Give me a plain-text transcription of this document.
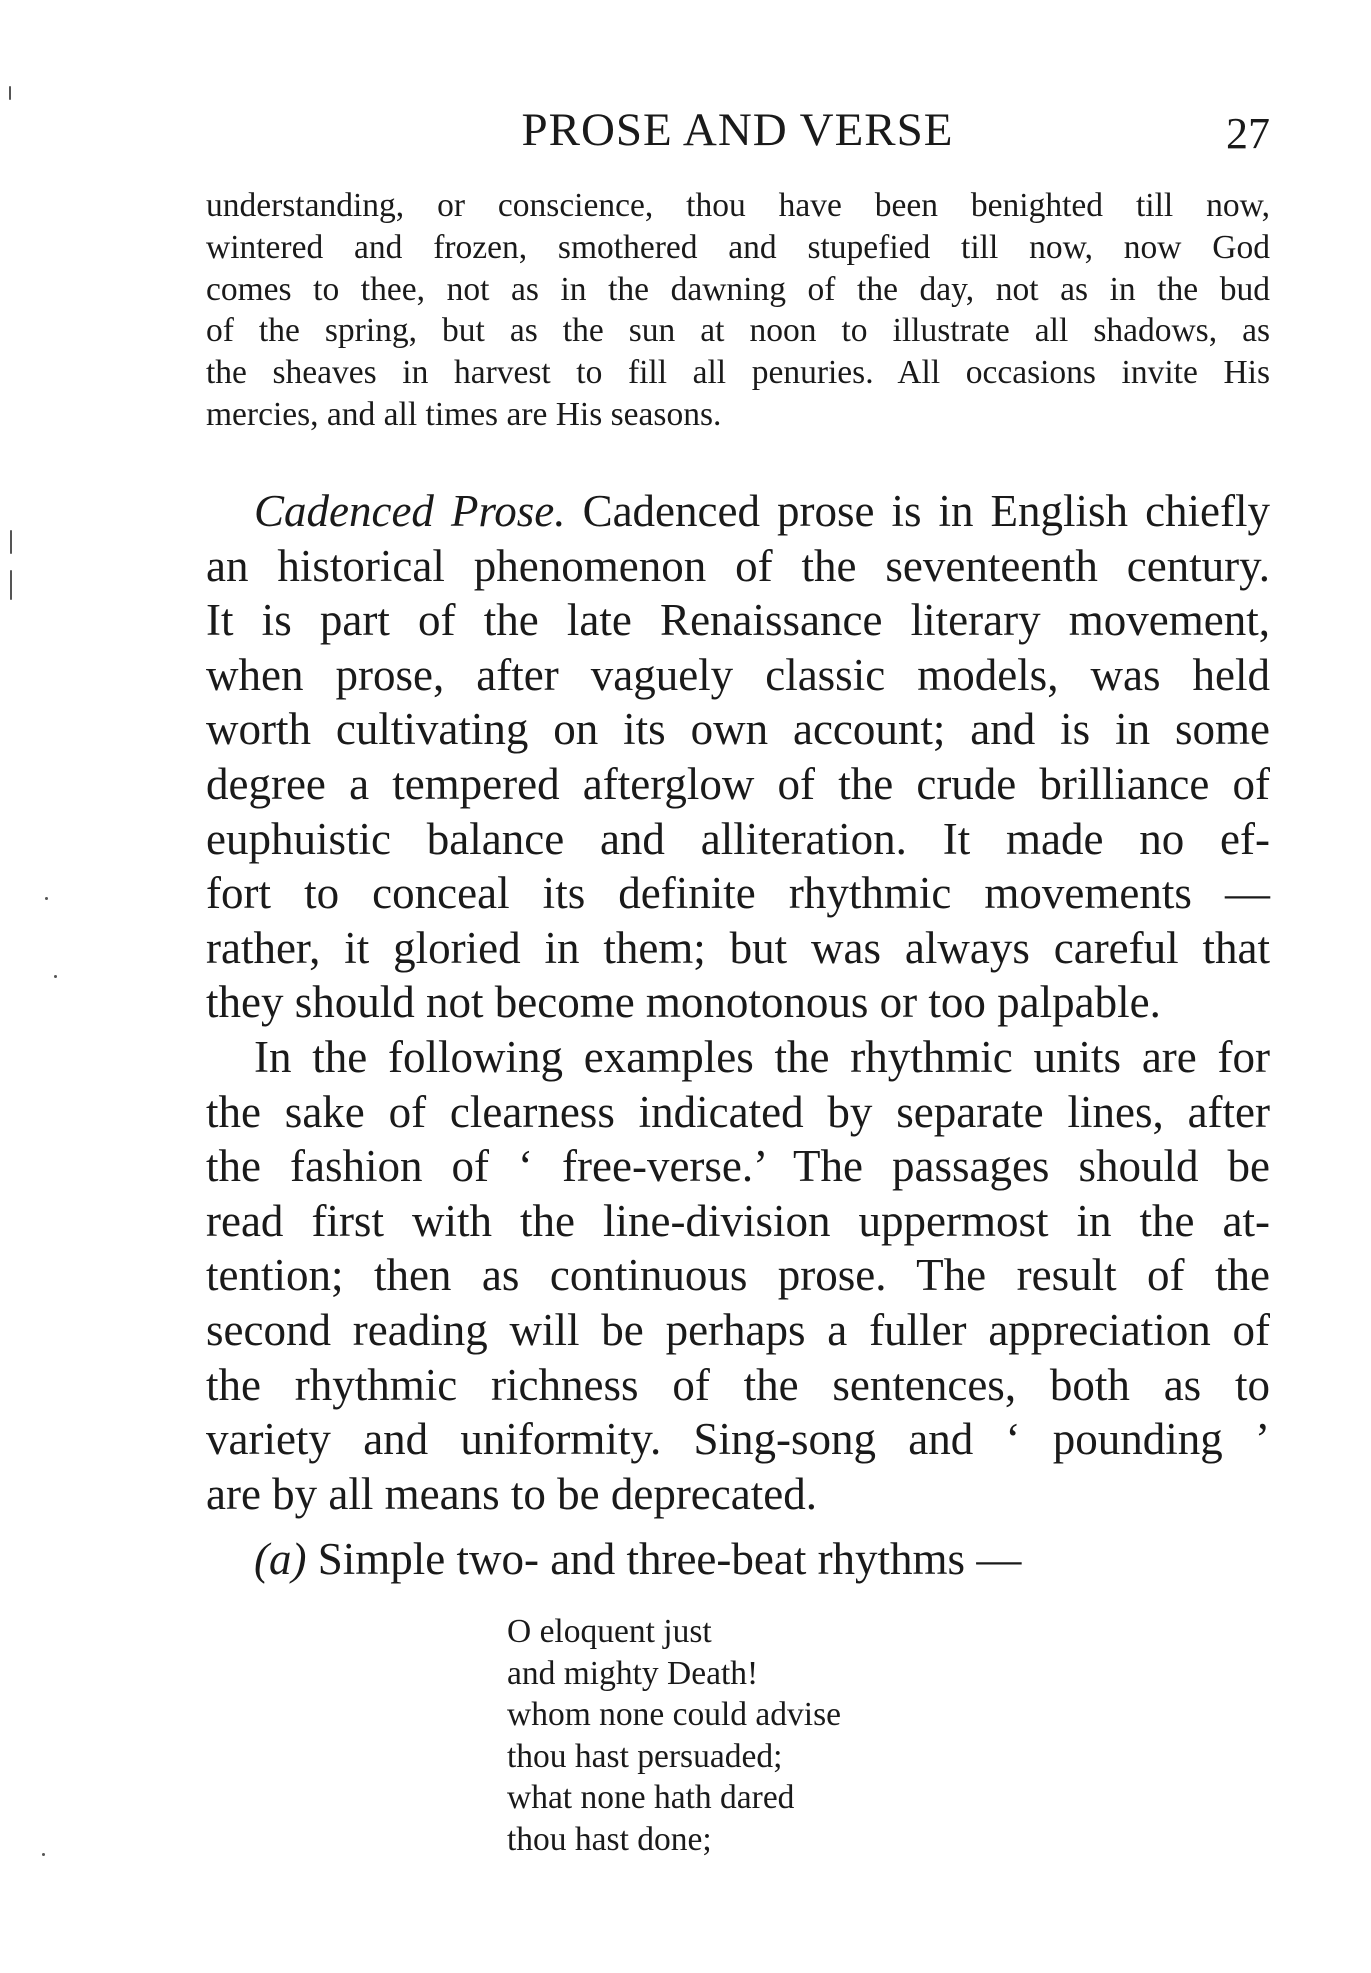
PROSE AND VERSE	27
understanding, or conscience, thou have been benighted till now,
wintered and frozen, smothered and stupefied till now, now God
comes to thee, not as in the dawning of the day, not as in the bud
of the spring, but as the sun at noon to illustrate all shadows, as
the sheaves in harvest to fill all penuries. All occasions invite His
mercies, and all times are His seasons.
Cadenced Prose. Cadenced prose is in English chiefly
an historical phenomenon of the seventeenth century.
It is part of the late Renaissance literary movement,
when prose, after vaguely classic models, was held
worth cultivating on its own account; and is in some
degree a tempered afterglow of the crude brilliance of
euphuistic balance and alliteration. It made no ef-
fort to conceal its definite rhythmic movements —
rather, it gloried in them; but was always careful that
they should not become monotonous or too palpable.
In the following examples the rhythmic units are for
the sake of clearness indicated by separate lines, after
the fashion of ‘ free-verse.’ The passages should be
read first with the line-division uppermost in the at-
tention; then as continuous prose. The result of the
second reading will be perhaps a fuller appreciation of
the rhythmic richness of the sentences, both as to
variety and uniformity. Sing-song and ‘ pounding ’
are by all means to be deprecated.
(a) Simple two- and three-beat rhythms —
O eloquent just
and mighty Death!
whom none could advise
thou hast persuaded;
what none hath dared
thou hast done;
